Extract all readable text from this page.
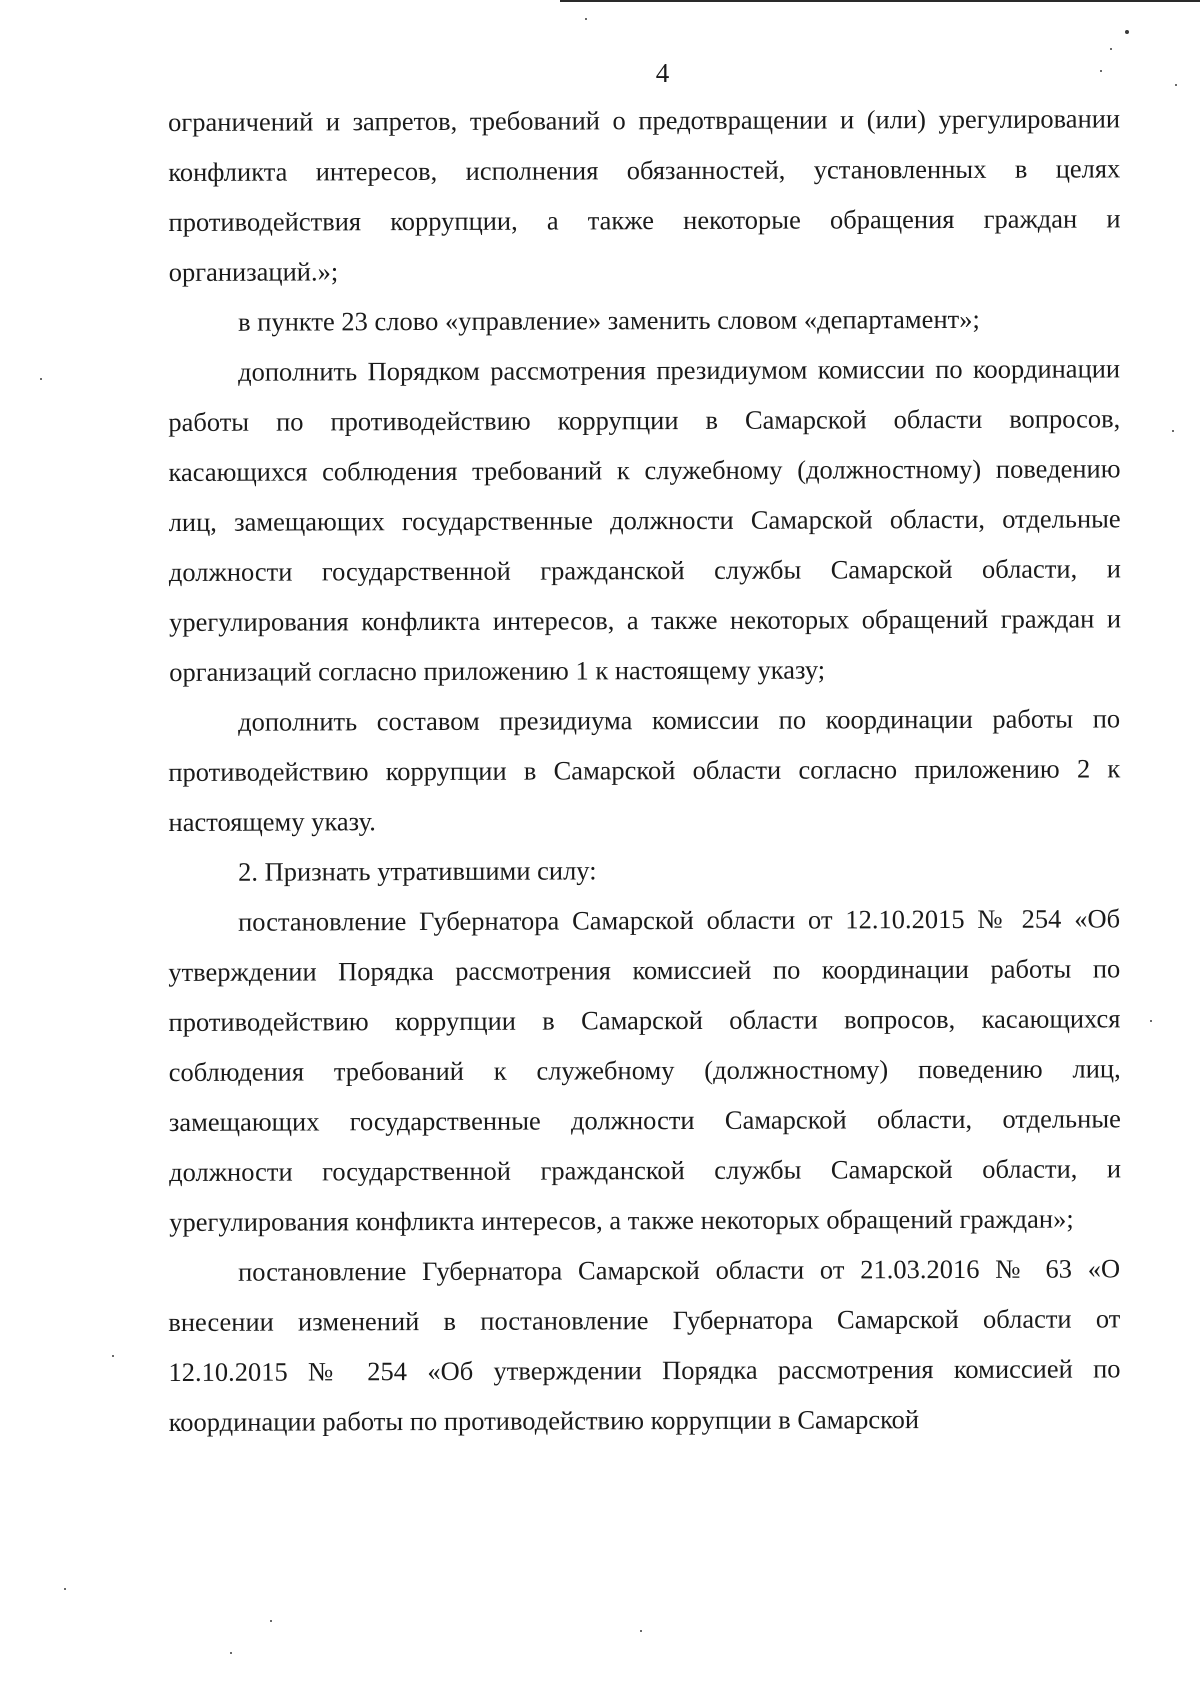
4

ограничений и запретов, требований о предотвращении и (или) урегулировании конфликта интересов, исполнения обязанностей, установленных в целях противодействия коррупции, а также некоторые обращения граждан и организаций.»;

в пункте 23 слово «управление» заменить словом «департамент»;

дополнить Порядком рассмотрения президиумом комиссии по координации работы по противодействию коррупции в Самарской области вопросов, касающихся соблюдения требований к служебному (должностному) поведению лиц, замещающих государственные должности Самарской области, отдельные должности государственной гражданской службы Самарской области, и урегулирования конфликта интересов, а также некоторых обращений граждан и организаций согласно приложению 1 к настоящему указу;

дополнить составом президиума комиссии по координации работы по противодействию коррупции в Самарской области согласно приложению 2 к настоящему указу.

2. Признать утратившими силу:

постановление Губернатора Самарской области от 12.10.2015 № 254 «Об утверждении Порядка рассмотрения комиссией по координации работы по противодействию коррупции в Самарской области вопросов, касающихся соблюдения требований к служебному (должностному) поведению лиц, замещающих государственные должности Самарской области, отдельные должности государственной гражданской службы Самарской области, и урегулирования конфликта интересов, а также некоторых обращений граждан»;

постановление Губернатора Самарской области от 21.03.2016 № 63 «О внесении изменений в постановление Губернатора Самарской области от 12.10.2015 № 254 «Об утверждении Порядка рассмотрения комиссией по координации работы по противодействию коррупции в Самарской
